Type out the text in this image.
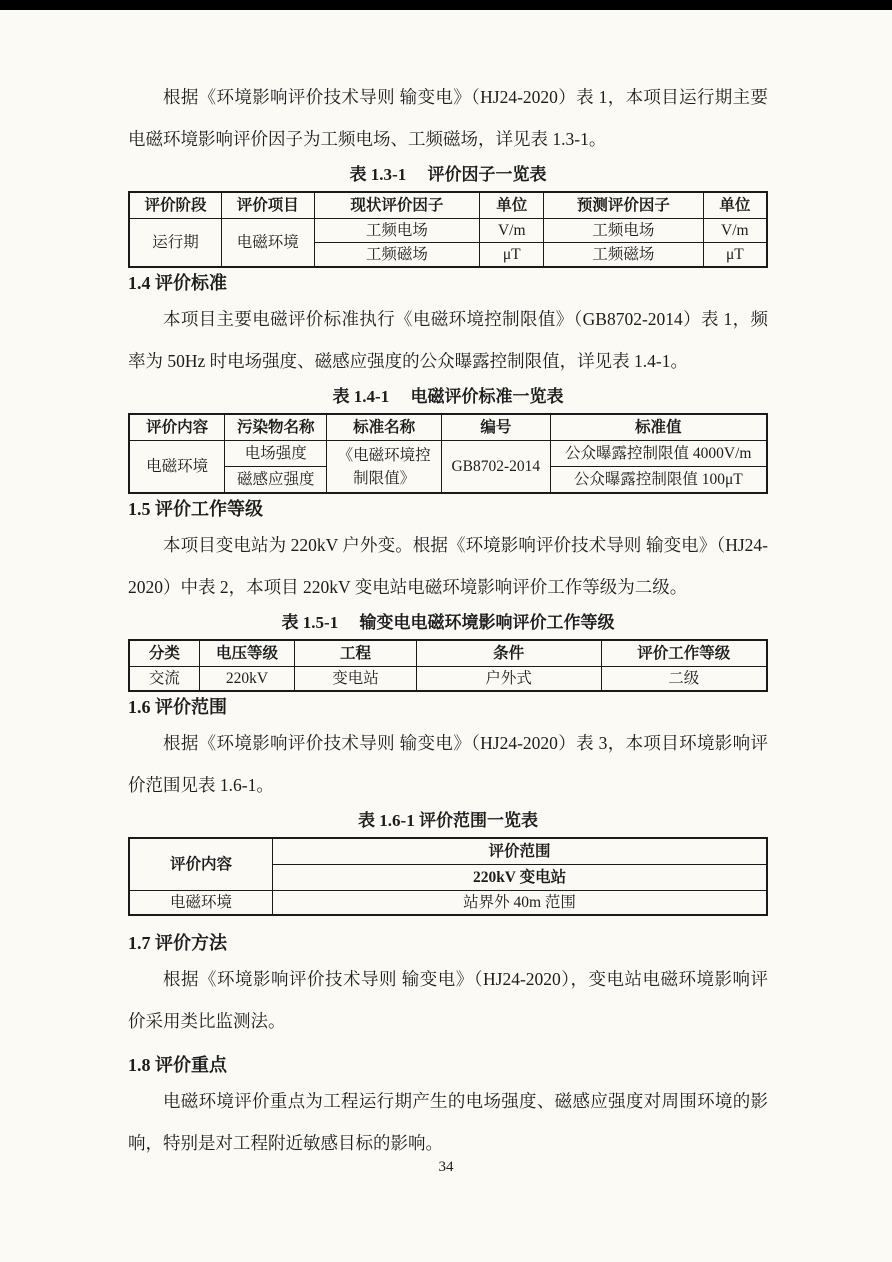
根据《环境影响评价技术导则 输变电》（HJ24-2020）表 1，本项目运行期主要电磁环境影响评价因子为工频电场、工频磁场，详见表 1.3-1。

表 1.3-1　 评价因子一览表
评价阶段	评价项目	现状评价因子	单位	预测评价因子	单位
运行期	电磁环境	工频电场	V/m	工频电场	V/m
		工频磁场	μT	工频磁场	μT
1.4 评价标准

本项目主要电磁评价标准执行《电磁环境控制限值》（GB8702-2014）表 1，频率为 50Hz 时电场强度、磁感应强度的公众曝露控制限值，详见表 1.4-1。

表 1.4-1　 电磁评价标准一览表
评价内容	污染物名称	标准名称	编号	标准值
电磁环境	电场强度	《电磁环境控制限值》	GB8702-2014	公众曝露控制限值 4000V/m
	磁感应强度			公众曝露控制限值 100μT
1.5 评价工作等级

本项目变电站为 220kV 户外变。根据《环境影响评价技术导则 输变电》（HJ24-2020）中表 2，本项目 220kV 变电站电磁环境影响评价工作等级为二级。

表 1.5-1　 输变电电磁环境影响评价工作等级
分类	电压等级	工程	条件	评价工作等级
交流	220kV	变电站	户外式	二级
1.6 评价范围

根据《环境影响评价技术导则 输变电》（HJ24-2020）表 3，本项目环境影响评价范围见表 1.6-1。

表 1.6-1 评价范围一览表
评价内容	评价范围
	220kV 变电站
电磁环境	站界外 40m 范围
1.7 评价方法

根据《环境影响评价技术导则 输变电》（HJ24-2020），变电站电磁环境影响评价采用类比监测法。

1.8 评价重点

电磁环境评价重点为工程运行期产生的电场强度、磁感应强度对周围环境的影响，特别是对工程附近敏感目标的影响。

34
